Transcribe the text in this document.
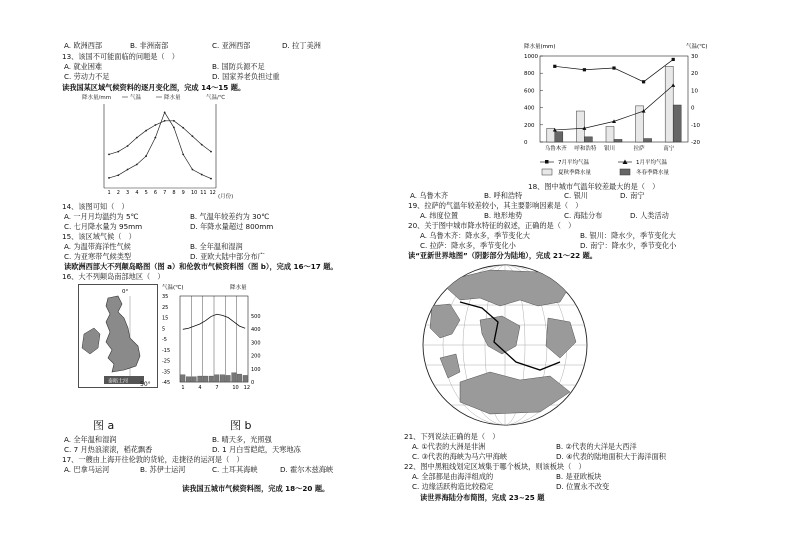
A. 欧洲西部	B. 非洲南部	C. 亚洲西部	D. 拉丁美洲
13、该国不可能面临的问题是（　）
A. 就业困难	B. 国防兵源不足
C. 劳动力不足	D. 国家养老负担过重
读我国某区域气候资料的逐月变化图，完成 14～15 题。
降水量/mm	气温	降水量	气温/℃
1 2 3 4 5 6 7 8 9 10 11 12
(月份)
14、该图可知（　）
A. 一月月均温约为 5℃	B. 气温年较差约为 30℃
C. 七月降水量为 95mm	D. 年降水量超过 800mm
15、该区域气候（　）
A. 为温带海洋性气候	B. 全年温和湿润
C. 为亚寒带气候类型	D. 亚欧大陆中部分布广
读欧洲西部大不列颠岛略图（图 a）和伦敦市气候资料图（图 b），完成 16～17 题。
16、大不列颠岛南部地区（　）
0°
泰晤士河 50°
气温(℃)	降水量
35
25
15
5
-5
-15
-25
-35
-45
500
400
300
200
100
0
1	4	7	10 12
图 a	图 b
A. 全年温和湿润	B. 晴天多，光照强
C. 7 月热浪滚滚，稻花飘香	D. 1 月白雪皑皑，天寒地冻
17、一艘由上海开往伦敦的货轮，走捷径的运河是（　）
A. 巴拿马运河	B. 苏伊士运河	C. 土耳其海峡	D. 霍尔木兹海峡
读我国五城市气候资料图，完成 18～20 题。
降水量(mm)	气温(℃)
1000
800
600
400
200
0
30
20
10
0
-10
-20
乌鲁木齐 呼和浩特 银川	拉萨	南宁
7月平均气温	1月平均气温
夏秋季降水量	冬春季降水量
18、图中城市气温年较差最大的是（　）
A. 乌鲁木齐	B. 呼和浩特	C. 银川	D. 南宁
19、拉萨的气温年较差较小，其主要影响因素是（　）
A. 纬度位置	B. 地形地势	C. 海陆分布	D. 人类活动
20、关于图中城市降水特征的叙述，正确的是（　）
A. 乌鲁木齐：降水多，季节变化大	B. 银川：降水少，季节变化大
C. 拉萨：降水多，季节变化小	D. 南宁：降水少，季节变化小
读“亚新世界地图”（阴影部分为陆地），完成 21～22 题。
21、下列说法正确的是（　）
A. ①代表的大洲是非洲	B. ②代表的大洋是大西洋
C. ③代表的海峡为马六甲海峡	D. ④代表的陆地面积大于海洋面积
22、图中黑粗线划定区域集于哪个板块，则该板块（　）
A. 全部都是由海洋组成的	B. 是亚欧板块
C. 边缘活跃构造比较稳定	D. 位置永不改变
读世界海陆分布简图，完成 23~25 题
